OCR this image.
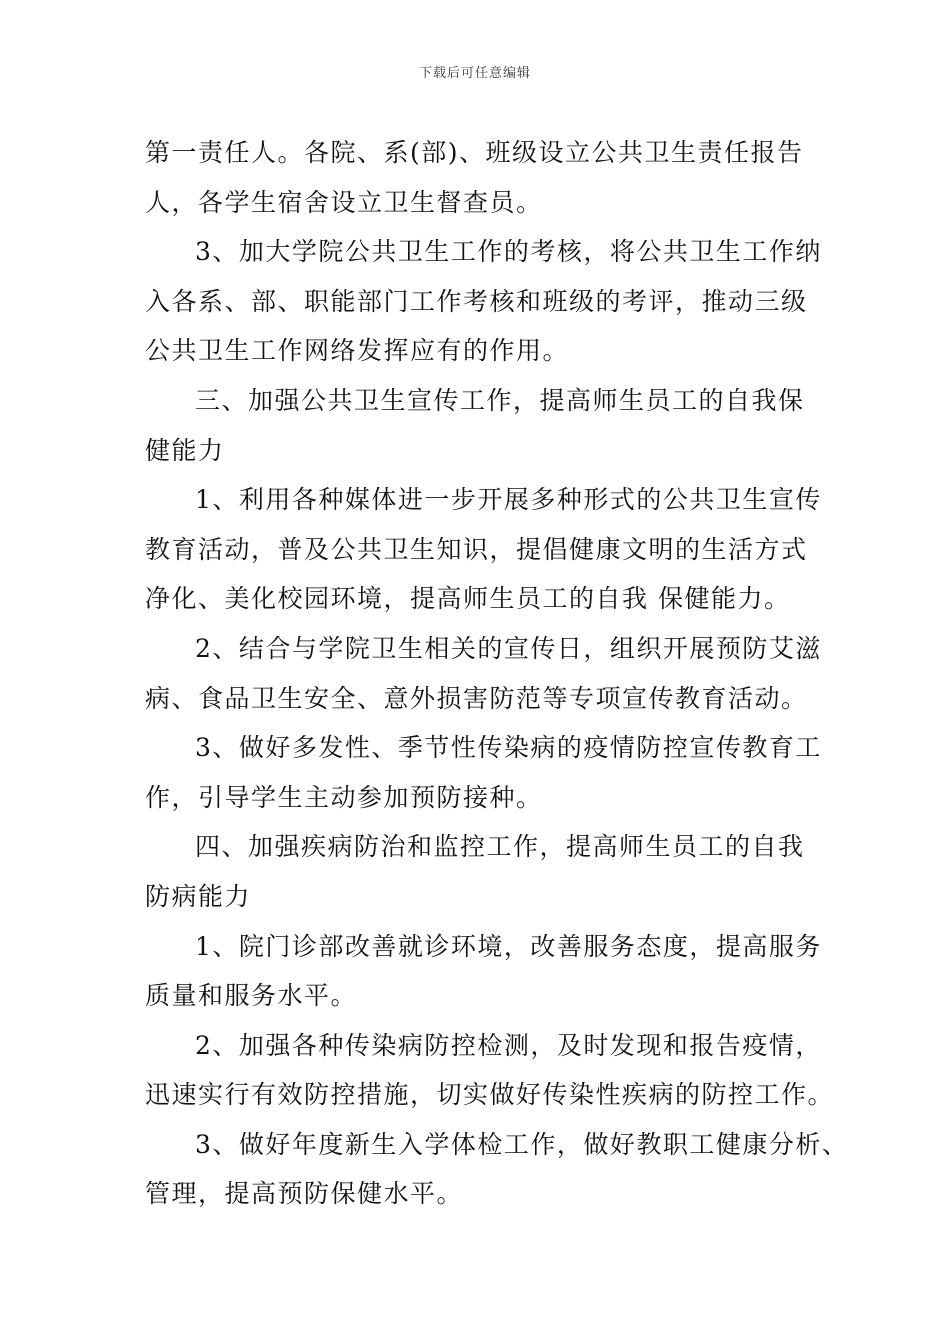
下载后可任意编辑
第一责任人。各院、系(部)、班级设立公共卫生责任报告
人，各学生宿舍设立卫生督查员。
3、加大学院公共卫生工作的考核，将公共卫生工作纳
入各系、部、职能部门工作考核和班级的考评，推动三级
公共卫生工作网络发挥应有的作用。
三、加强公共卫生宣传工作，提高师生员工的自我保
健能力
1、利用各种媒体进一步开展多种形式的公共卫生宣传
教育活动，普及公共卫生知识，提倡健康文明的生活方式
净化、美化校园环境，提高师生员工的自我 保健能力。
2、结合与学院卫生相关的宣传日，组织开展预防艾滋
病、食品卫生安全、意外损害防范等专项宣传教育活动。
3、做好多发性、季节性传染病的疫情防控宣传教育工
作，引导学生主动参加预防接种。
四、加强疾病防治和监控工作，提高师生员工的自我
防病能力
1、院门诊部改善就诊环境，改善服务态度，提高服务
质量和服务水平。
2、加强各种传染病防控检测，及时发现和报告疫情，
迅速实行有效防控措施，切实做好传染性疾病的防控工作。
3、做好年度新生入学体检工作，做好教职工健康分析、
管理，提高预防保健水平。
